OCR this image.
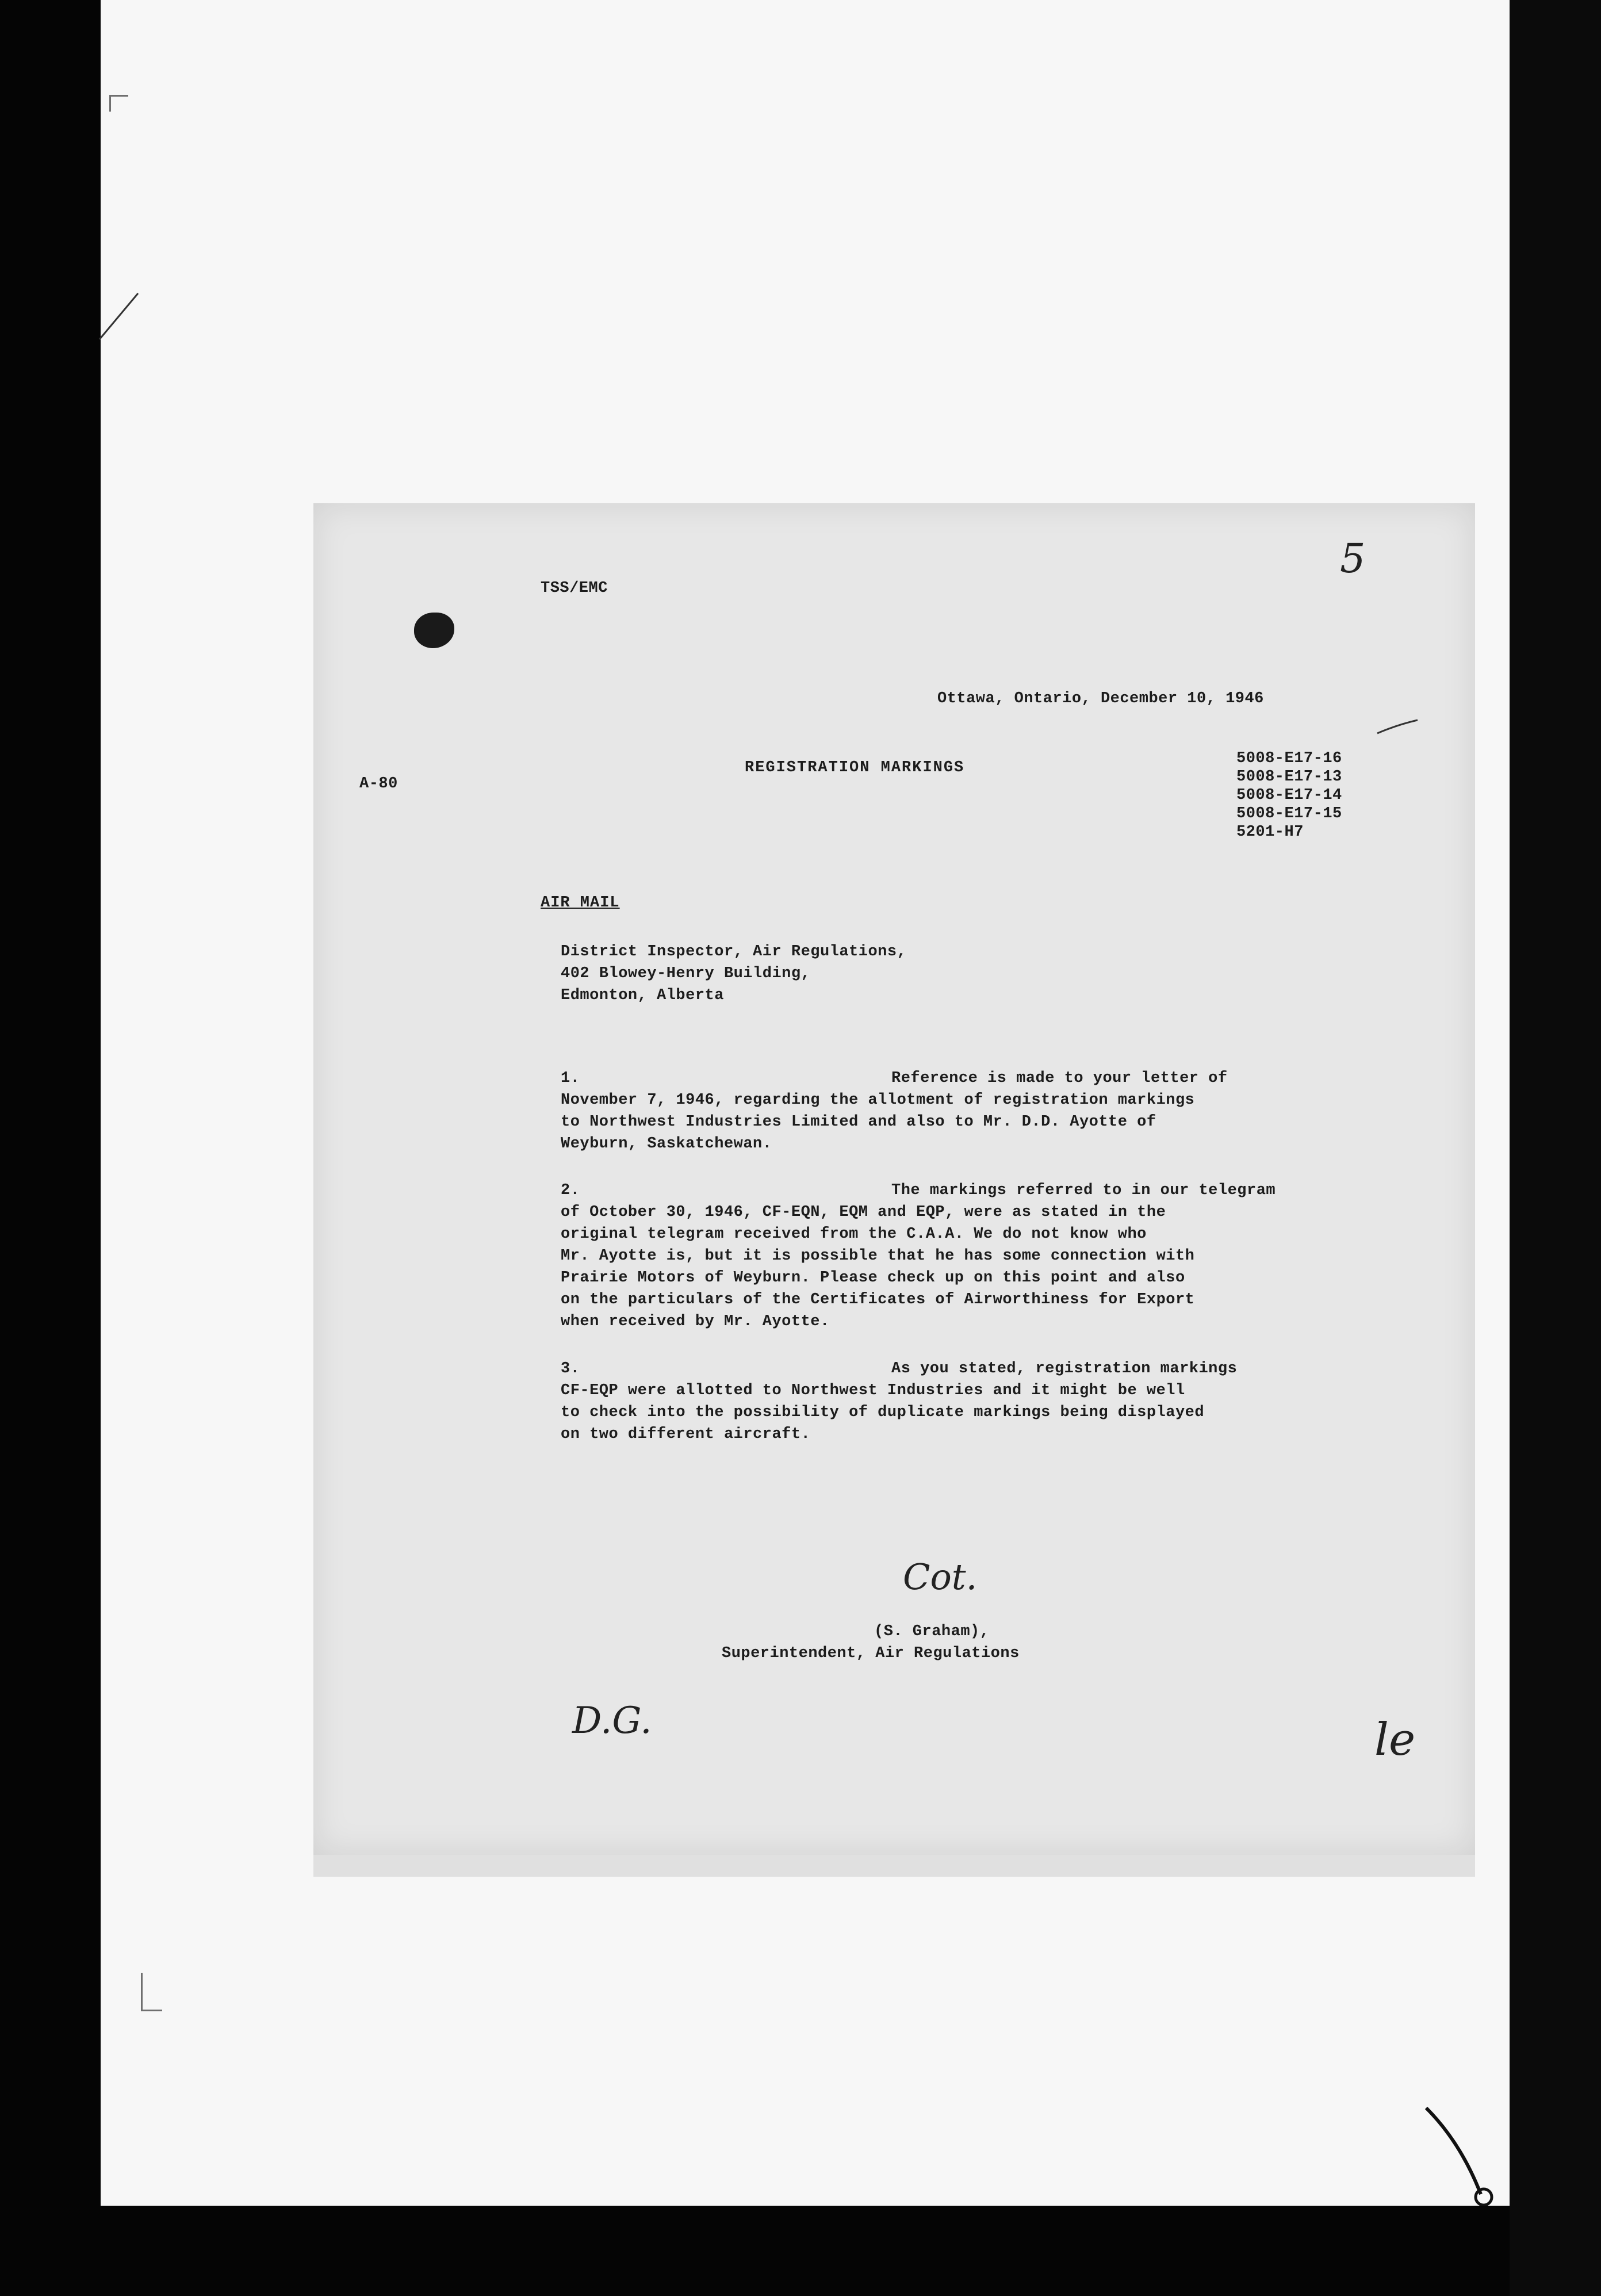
TSS/EMC
5
Ottawa, Ontario, December 10, 1946
A-80
REGISTRATION MARKINGS
5008-E17-16
5008-E17-13
5008-E17-14
5008-E17-15
5201-H7
AIR MAIL
District Inspector, Air Regulations,
402 Blowey-Henry Building,
Edmonton, Alberta
1.	Reference is made to your letter of
November 7, 1946, regarding the allotment of registration markings
to Northwest Industries Limited and also to Mr. D.D. Ayotte of
Weyburn, Saskatchewan.
2.	The markings referred to in our telegram
of October 30, 1946, CF-EQN, EQM and EQP, were as stated in the
original telegram received from the C.A.A. We do not know who
Mr. Ayotte is, but it is possible that he has some connection with
Prairie Motors of Weyburn. Please check up on this point and also
on the particulars of the Certificates of Airworthiness for Export
when received by Mr. Ayotte.
3.	As you stated, registration markings
CF-EQP were allotted to Northwest Industries and it might be well
to check into the possibility of duplicate markings being displayed
on two different aircraft.
Cot.
(S. Graham),
Superintendent, Air Regulations
D.G.	le
